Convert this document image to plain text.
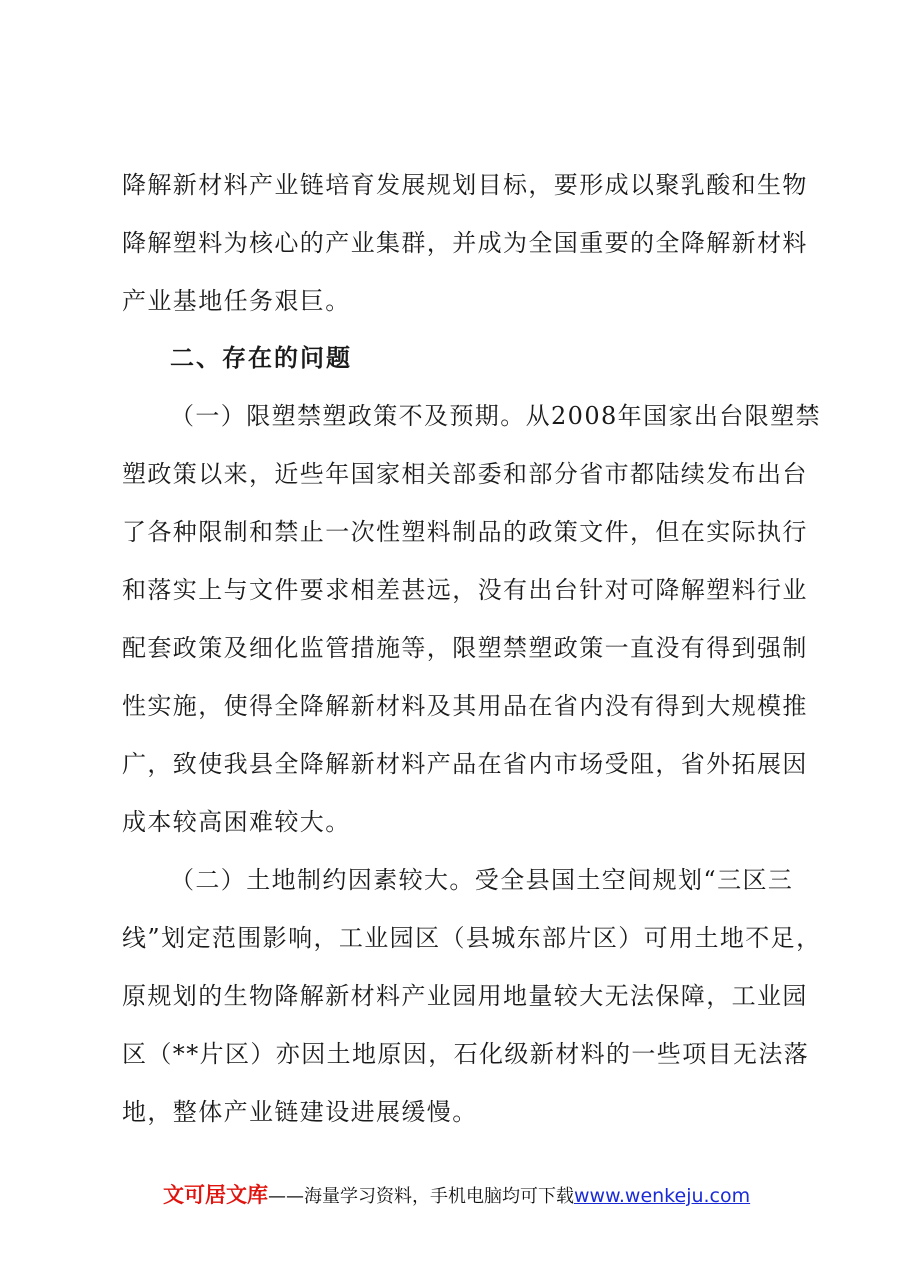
降解新材料产业链培育发展规划目标，要形成以聚乳酸和生物
降解塑料为核心的产业集群，并成为全国重要的全降解新材料
产业基地任务艰巨。
二、存在的问题
（一）限塑禁塑政策不及预期。从2008年国家出台限塑禁
塑政策以来，近些年国家相关部委和部分省市都陆续发布出台
了各种限制和禁止一次性塑料制品的政策文件，但在实际执行
和落实上与文件要求相差甚远，没有出台针对可降解塑料行业
配套政策及细化监管措施等，限塑禁塑政策一直没有得到强制
性实施，使得全降解新材料及其用品在省内没有得到大规模推
广，致使我县全降解新材料产品在省内市场受阻，省外拓展因
成本较高困难较大。
（二）土地制约因素较大。受全县国土空间规划“三区三
线”划定范围影响，工业园区（县城东部片区）可用土地不足，
原规划的生物降解新材料产业园用地量较大无法保障，工业园
区（**片区）亦因土地原因，石化级新材料的一些项目无法落
地，整体产业链建设进展缓慢。
文可居文库——海量学习资料，手机电脑均可下载www.wenkeju.com
